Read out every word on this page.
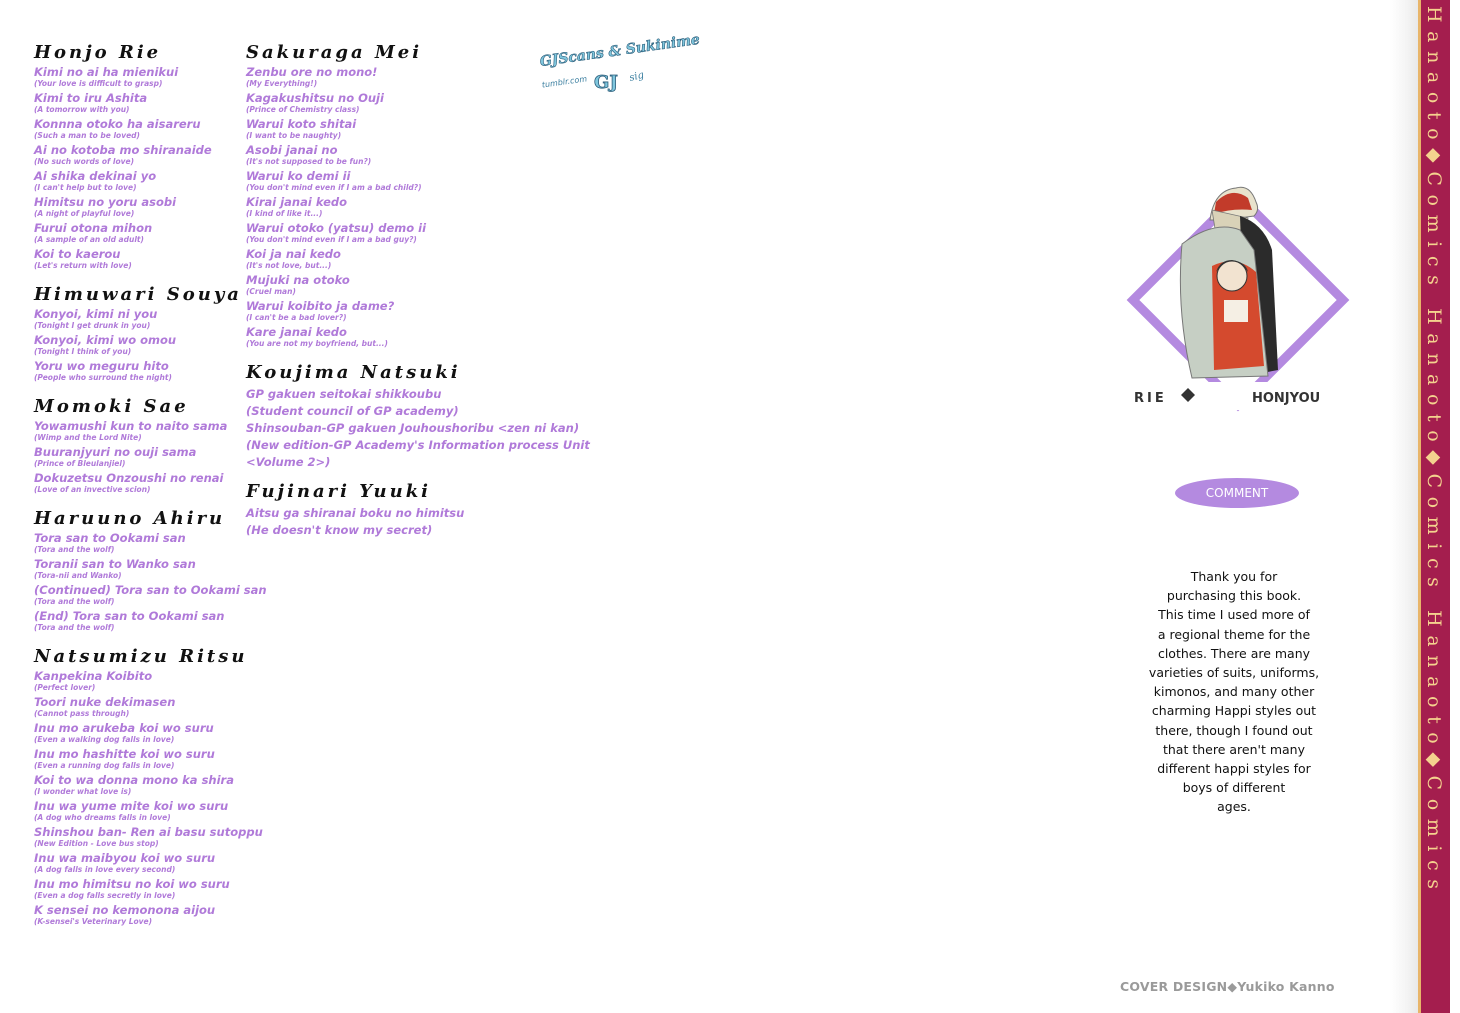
Honjo Rie
Kimi no ai ha mienikui
(Your love is difficult to grasp)
Kimi to iru Ashita
(A tomorrow with you)
Konnna otoko ha aisareru
(Such a man to be loved)
Ai no kotoba mo shiranaide
(No such words of love)
Ai shika dekinai yo
(I can't help but to love)
Himitsu no yoru asobi
(A night of playful love)
Furui otona mihon
(A sample of an old adult)
Koi to kaerou
(Let's return with love)
Himuwari Souya
Konyoi, kimi ni you
(Tonight I get drunk in you)
Konyoi, kimi wo omou
(Tonight I think of you)
Yoru wo meguru hito
(People who surround the night)
Momoki Sae
Yowamushi kun to naito sama
(Wimp and the Lord Nite)
Buuranjyuri no ouji sama
(Prince of Bleulanjiel)
Dokuzetsu Onzoushi no renai
(Love of an invective scion)
Haruuno Ahiru
Tora san to Ookami san
(Tora and the wolf)
Toranii san to Wanko san
(Tora-nii and Wanko)
(Continued) Tora san to Ookami san
(Tora and the wolf)
(End) Tora san to Ookami san
(Tora and the wolf)
Natsumizu Ritsu
Kanpekina Koibito
(Perfect lover)
Toori nuke dekimasen
(Cannot pass through)
Inu mo arukeba koi wo suru
(Even a walking dog falls in love)
Inu mo hashitte koi wo suru
(Even a running dog falls in love)
Koi to wa donna mono ka shira
(I wonder what love is)
Inu wa yume mite koi wo suru
(A dog who dreams falls in love)
Shinshou ban- Ren ai basu sutoppu
(New Edition - Love bus stop)
Inu wa maibyou koi wo suru
(A dog falls in love every second)
Inu mo himitsu no koi wo suru
(Even a dog falls secretly in love)
K sensei no kemonona aijou
(K-sensei's Veterinary Love)
Sakuraga Mei
Zenbu ore no mono!
(My Everything!)
Kagakushitsu no Ouji
(Prince of Chemistry class)
Warui koto shitai
(I want to be naughty)
Asobi janai no
(It's not supposed to be fun?)
Warui ko demi ii
(You don't mind even if I am a bad child?)
Kirai janai kedo
(I kind of like it...)
Warui otoko (yatsu) demo ii
(You don't mind even if I am a bad guy?)
Koi ja nai kedo
(It's not love, but...)
Mujuki na otoko
(Cruel man)
Warui koibito ja dame?
(I can't be a bad lover?)
Kare janai kedo
(You are not my boyfriend, but...)
Koujima Natsuki
GP gakuen seitokai shikkoubu
(Student council of GP academy)
Shinsouban-GP gakuen Jouhoushoribu <zen ni kan)
(New edition-GP Academy's Information process Unit
<Volume 2>)
Fujinari Yuuki
Aitsu ga shiranai boku no himitsu
(He doesn't know my secret)
GJScans & Sukinime
tumblr.com GJ sig
RIE	HONJYOU
COMMENT
Thank you for
purchasing this book.
This time I used more of
a regional theme for the
clothes. There are many
varieties of suits, uniforms,
kimonos, and many other
charming Happi styles out
there, though I found out
that there aren't many
different happi styles for
boys of different
ages.
COVER DESIGN◆Yukiko Kanno
Hanaoto◆Comics Hanaoto◆Comics Hanaoto◆Comics
